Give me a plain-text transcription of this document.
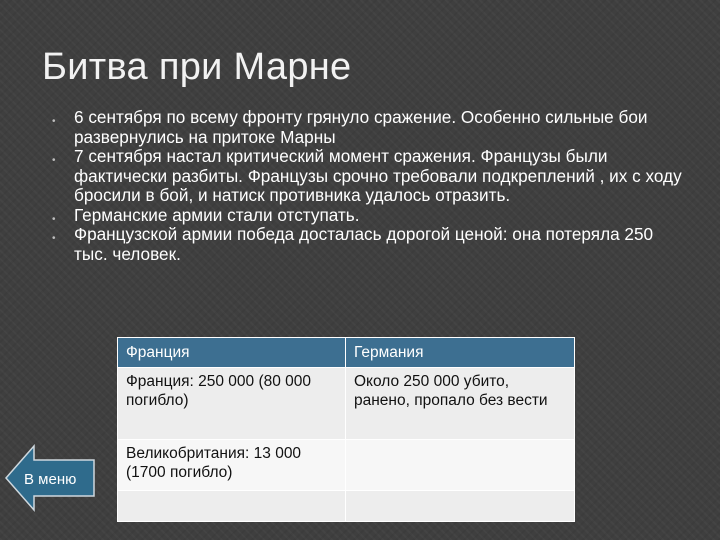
Битва при Марне
• 6 сентября по всему фронту грянуло сражение. Особенно сильные бои развернулись на притоке Марны
• 7 сентября настал критический момент сражения. Французы были фактически разбиты. Французы срочно требовали подкреплений , их с ходу бросили в бой, и натиск противника удалось отразить.
• Германские армии стали отступать.
• Французской армии победа досталась дорогой ценой: она потеряла 250 тыс. человек.
Франция	Германия
Франция: 250 000 (80 000 погибло)	Около 250 000 убито, ранено, пропало без вести
Великобритания: 13 000 (1700 погибло)	

В меню
